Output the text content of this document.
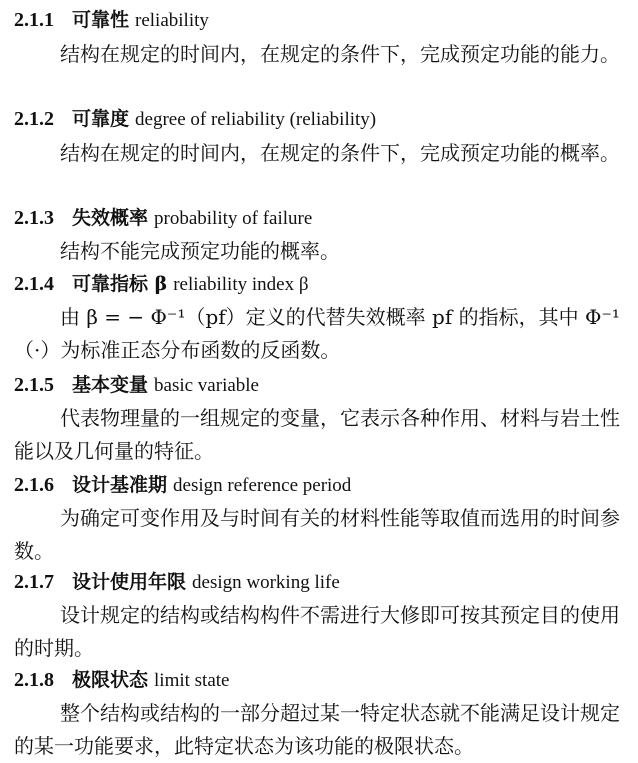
2.1.1 可靠性 reliability
结构在规定的时间内，在规定的条件下，完成预定功能的能力。
2.1.2 可靠度 degree of reliability (reliability)
结构在规定的时间内，在规定的条件下，完成预定功能的概率。
2.1.3 失效概率 probability of failure
结构不能完成预定功能的概率。
2.1.4 可靠指标 β reliability index β
由 β = − Φ⁻¹（pf）定义的代替失效概率 pf 的指标，其中 Φ⁻¹（·）为标准正态分布函数的反函数。
2.1.5 基本变量 basic variable
代表物理量的一组规定的变量，它表示各种作用、材料与岩土性能以及几何量的特征。
2.1.6 设计基准期 design reference period
为确定可变作用及与时间有关的材料性能等取值而选用的时间参数。
2.1.7 设计使用年限 design working life
设计规定的结构或结构构件不需进行大修即可按其预定目的使用的时期。
2.1.8 极限状态 limit state
整个结构或结构的一部分超过某一特定状态就不能满足设计规定的某一功能要求，此特定状态为该功能的极限状态。
